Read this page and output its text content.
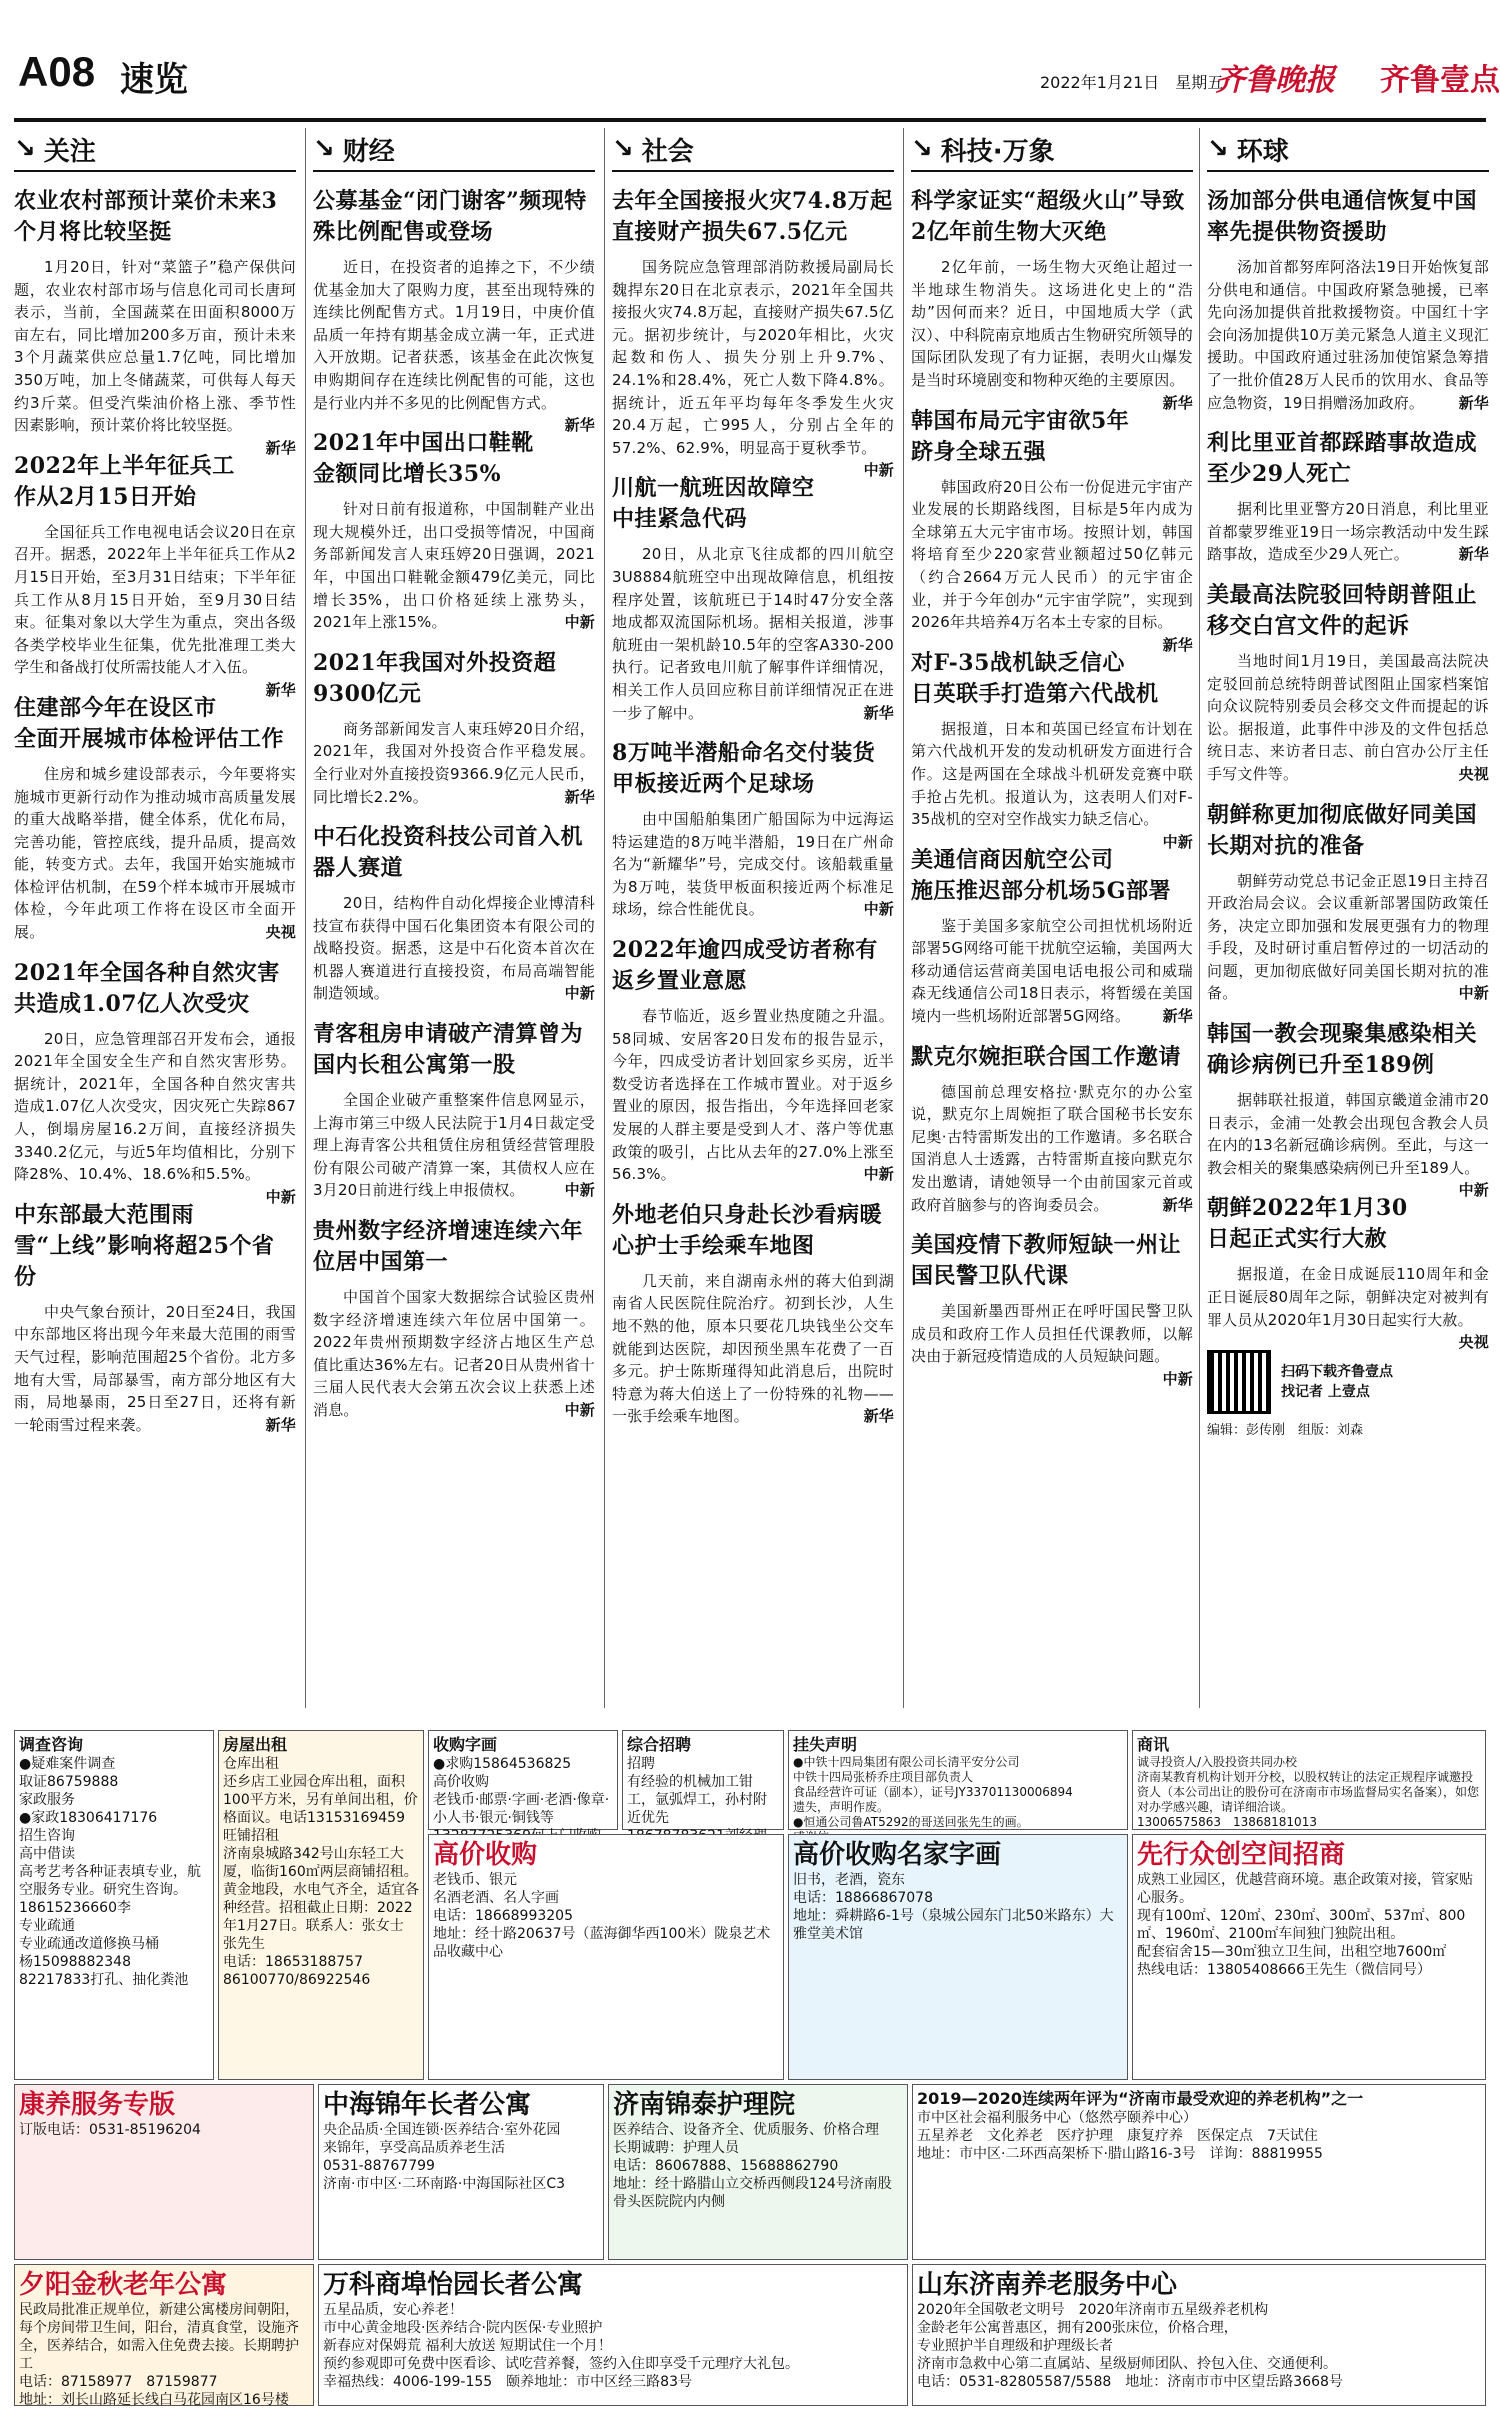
A08 速览	2022年1月21日　星期五
齐鲁晚报 齐鲁壹点
↘ 关注
农业农村部预计菜价未来3个月将比较坚挺

1月20日，针对“菜篮子”稳产保供问题，农业农村部市场与信息化司司长唐珂表示，当前，全国蔬菜在田面积8000万亩左右，同比增加200多万亩，预计未来3个月蔬菜供应总量1.7亿吨，同比增加350万吨，加上冬储蔬菜，可供每人每天约3斤菜。但受汽柴油价格上涨、季节性因素影响，预计菜价将比较坚挺。
新华

2022年上半年征兵工作从2月15日开始

全国征兵工作电视电话会议20日在京召开。据悉，2022年上半年征兵工作从2月15日开始，至3月31日结束；下半年征兵工作从8月15日开始，至9月30日结束。征集对象以大学生为重点，突出各级各类学校毕业生征集，优先批准理工类大学生和备战打仗所需技能人才入伍。
新华

住建部今年在设区市全面开展城市体检评估工作

住房和城乡建设部表示，今年要将实施城市更新行动作为推动城市高质量发展的重大战略举措，健全体系，优化布局，完善功能，管控底线，提升品质，提高效能，转变方式。去年，我国开始实施城市体检评估机制，在59个样本城市开展城市体检，今年此项工作将在设区市全面开展。	央视

2021年全国各种自然灾害共造成1.07亿人次受灾

20日，应急管理部召开发布会，通报2021年全国安全生产和自然灾害形势。据统计，2021年，全国各种自然灾害共造成1.07亿人次受灾，因灾死亡失踪867人，倒塌房屋16.2万间，直接经济损失3340.2亿元，与近5年均值相比，分别下降28%、10.4%、18.6%和5.5%。
中新

中东部最大范围雨雪“上线”影响将超25个省份

中央气象台预计，20日至24日，我国中东部地区将出现今年来最大范围的雨雪天气过程，影响范围超25个省份。北方多地有大雪，局部暴雪，南方部分地区有大雨，局地暴雨，25日至27日，还将有新一轮雨雪过程来袭。	新华

↘ 财经
公募基金“闭门谢客”频现特殊比例配售或登场

近日，在投资者的追捧之下，不少绩优基金加大了限购力度，甚至出现特殊的连续比例配售方式。1月19日，中庚价值品质一年持有期基金成立满一年，正式进入开放期。记者获悉，该基金在此次恢复申购期间存在连续比例配售的可能，这也是行业内并不多见的比例配售方式。
新华

2021年中国出口鞋靴金额同比增长35%

针对日前有报道称，中国制鞋产业出现大规模外迁，出口受损等情况，中国商务部新闻发言人束珏婷20日强调，2021年，中国出口鞋靴金额479亿美元，同比增长35%，出口价格延续上涨势头，2021年上涨15%。	中新

2021年我国对外投资超9300亿元

商务部新闻发言人束珏婷20日介绍，2021年，我国对外投资合作平稳发展。全行业对外直接投资9366.9亿元人民币，同比增长2.2%。	新华

中石化投资科技公司首入机器人赛道

20日，结构件自动化焊接企业博清科技宣布获得中国石化集团资本有限公司的战略投资。据悉，这是中石化资本首次在机器人赛道进行直接投资，布局高端智能制造领域。	中新

青客租房申请破产清算曾为国内长租公寓第一股

全国企业破产重整案件信息网显示，上海市第三中级人民法院于1月4日裁定受理上海青客公共租赁住房租赁经营管理股份有限公司破产清算一案，其债权人应在3月20日前进行线上申报债权。	中新

贵州数字经济增速连续六年位居中国第一

中国首个国家大数据综合试验区贵州数字经济增速连续六年位居中国第一。2022年贵州预期数字经济占地区生产总值比重达36%左右。记者20日从贵州省十三届人民代表大会第五次会议上获悉上述消息。	中新

↘ 社会
去年全国接报火灾74.8万起直接财产损失67.5亿元

国务院应急管理部消防救援局副局长魏捍东20日在北京表示，2021年全国共接报火灾74.8万起，直接财产损失67.5亿元。据初步统计，与2020年相比，火灾起数和伤人、损失分别上升9.7%、24.1%和28.4%，死亡人数下降4.8%。据统计，近五年平均每年冬季发生火灾20.4万起，亡995人，分别占全年的57.2%、62.9%，明显高于夏秋季节。
中新

川航一航班因故障空中挂紧急代码

20日，从北京飞往成都的四川航空3U8884航班空中出现故障信息，机组按程序处置，该航班已于14时47分安全落地成都双流国际机场。据相关报道，涉事航班由一架机龄10.5年的空客A330-200执行。记者致电川航了解事件详细情况，相关工作人员回应称目前详细情况正在进一步了解中。	新华

8万吨半潜船命名交付装货甲板接近两个足球场

由中国船舶集团广船国际为中远海运特运建造的8万吨半潜船，19日在广州命名为“新耀华”号，完成交付。该船载重量为8万吨，装货甲板面积接近两个标准足球场，综合性能优良。	中新

2022年逾四成受访者称有返乡置业意愿

春节临近，返乡置业热度随之升温。58同城、安居客20日发布的报告显示，今年，四成受访者计划回家乡买房，近半数受访者选择在工作城市置业。对于返乡置业的原因，报告指出，今年选择回老家发展的人群主要是受到人才、落户等优惠政策的吸引，占比从去年的27.0%上涨至56.3%。	中新

外地老伯只身赴长沙看病暖心护士手绘乘车地图

几天前，来自湖南永州的蒋大伯到湖南省人民医院住院治疗。初到长沙，人生地不熟的他，原本只要花几块钱坐公交车就能到达医院，却因预坐黑车花费了一百多元。护士陈斯瑾得知此消息后，出院时特意为蒋大伯送上了一份特殊的礼物——一张手绘乘车地图。	新华

↘ 科技·万象
科学家证实“超级火山”导致2亿年前生物大灭绝

2亿年前，一场生物大灭绝让超过一半地球生物消失。这场进化史上的“浩劫”因何而来？近日，中国地质大学（武汉）、中科院南京地质古生物研究所领导的国际团队发现了有力证据，表明火山爆发是当时环境剧变和物种灭绝的主要原因。
新华

韩国布局元宇宙欲5年跻身全球五强

韩国政府20日公布一份促进元宇宙产业发展的长期路线图，目标是5年内成为全球第五大元宇宙市场。按照计划，韩国将培育至少220家营业额超过50亿韩元（约合2664万元人民币）的元宇宙企业，并于今年创办“元宇宙学院”，实现到2026年共培养4万名本土专家的目标。
新华

对F-35战机缺乏信心日英联手打造第六代战机

据报道，日本和英国已经宣布计划在第六代战机开发的发动机研发方面进行合作。这是两国在全球战斗机研发竞赛中联手抢占先机。报道认为，这表明人们对F-35战机的空对空作战实力缺乏信心。
中新

美通信商因航空公司施压推迟部分机场5G部署

鉴于美国多家航空公司担忧机场附近部署5G网络可能干扰航空运输，美国两大移动通信运营商美国电话电报公司和威瑞森无线通信公司18日表示，将暂缓在美国境内一些机场附近部署5G网络。	新华

默克尔婉拒联合国工作邀请

德国前总理安格拉·默克尔的办公室说，默克尔上周婉拒了联合国秘书长安东尼奥·古特雷斯发出的工作邀请。多名联合国消息人士透露，古特雷斯直接向默克尔发出邀请，请她领导一个由前国家元首或政府首脑参与的咨询委员会。	新华

美国疫情下教师短缺一州让国民警卫队代课

美国新墨西哥州正在呼吁国民警卫队成员和政府工作人员担任代课教师，以解决由于新冠疫情造成的人员短缺问题。
中新

↘ 环球
汤加部分供电通信恢复中国率先提供物资援助

汤加首都努库阿洛法19日开始恢复部分供电和通信。中国政府紧急驰援，已率先向汤加提供首批救援物资。中国红十字会向汤加提供10万美元紧急人道主义现汇援助。中国政府通过驻汤加使馆紧急筹措了一批价值28万人民币的饮用水、食品等应急物资，19日捐赠汤加政府。	新华

利比里亚首都踩踏事故造成至少29人死亡

据利比里亚警方20日消息，利比里亚首都蒙罗维亚19日一场宗教活动中发生踩踏事故，造成至少29人死亡。	新华

美最高法院驳回特朗普阻止移交白宫文件的起诉

当地时间1月19日，美国最高法院决定驳回前总统特朗普试图阻止国家档案馆向众议院特别委员会移交文件而提起的诉讼。据报道，此事件中涉及的文件包括总统日志、来访者日志、前白宫办公厅主任手写文件等。	央视

朝鲜称更加彻底做好同美国长期对抗的准备

朝鲜劳动党总书记金正恩19日主持召开政治局会议。会议重新部署国防政策任务，决定立即加强和发展更强有力的物理手段，及时研讨重启暂停过的一切活动的问题，更加彻底做好同美国长期对抗的准备。	中新

韩国一教会现聚集感染相关确诊病例已升至189例

据韩联社报道，韩国京畿道金浦市20日表示，金浦一处教会出现包含教会人员在内的13名新冠确诊病例。至此，与这一教会相关的聚集感染病例已升至189人。
中新

朝鲜2022年1月30日起正式实行大赦

据报道，在金日成诞辰110周年和金正日诞辰80周年之际，朝鲜决定对被判有罪人员从2020年1月30日起实行大赦。
央视

扫码下载齐鲁壹点
找记者 上壹点
编辑：彭传刚　组版：刘森
调查咨询
●疑难案件调查
取证86759888
家政服务
●家政18306417176
招生咨询
高中借读
高考艺考各种证表填专业，航空服务专业。研究生咨询。
18615236660李
专业疏通
专业疏通改道修换马桶
杨15098882348
82217833打孔、抽化粪池
房屋出租
仓库出租
还乡店工业园仓库出租，面积100平方米，另有单间出租，价格面议。电话13153169459
旺铺招租
济南泉城路342号山东轻工大厦，临街160㎡两层商铺招租。黄金地段，水电气齐全，适宜各种经营。招租截止日期：2022年1月27日。联系人：张女士 张先生
电话：18653188757 86100770/86922546
收购字画
●求购15864536825
高价收购
老钱币·邮票·字画·老酒·像章·小人书·银元·铜钱等
综合招聘
招聘
有经验的机械加工钳工，氩弧焊工，孙村附近优先
挂失声明
●中铁十四局集团有限公司长清平安分公司
中铁十四局张桥乔庄项目部负责人
食品经营许可证（副本），证号JY33701130006894
遗失，声明作废。
●恒通公司鲁AT5292的哥送回张先生的画。
商讯
诚寻投资人/入股投资共同办校
济南某教育机构计划开分校，以股权转让的法定正规程序诚邀投资人（本公司出让的股份可在济南市市场监督局实名备案），如您对办学感兴趣，请详细洽谈。
13006575863　13868181013
高价收购
老钱币、银元
名酒老酒、名人字画
电话：18668993205
地址：经十路20637号（蓝海御华西100米）陇泉艺术品收藏中心
高价收购名家字画
旧书，老酒，瓷东
电话：18866867078
地址：舜耕路6-1号（泉城公园东门北50米路东）大雅堂美术馆
先行众创空间招商
成熟工业园区，优越营商环境。惠企政策对接，管家贴心服务。
现有100㎡、120㎡、230㎡、300㎡、537㎡、800㎡、1960㎡、2100㎡车间独门独院出租。
配套宿舍15—30㎡独立卫生间，出租空地7600㎡
热线电话：13805408666王先生（微信同号）
康养服务专版
订版电话：0531-85196204
中海锦年长者公寓
央企品质·全国连锁·医养结合·室外花园
来锦年，享受高品质养老生活
0531-88767799
济南·市中区·二环南路·中海国际社区C3
济南锦泰护理院
医养结合、设备齐全、优质服务、价格合理
长期诚聘：护理人员
电话：86067888、15688862790
地址：经十路腊山立交桥西侧段124号济南股骨头医院院内内侧
2019—2020连续两年评为“济南市最受欢迎的养老机构”之一
市中区社会福利服务中心（悠然亭颐养中心）
五星养老　文化养老　医疗护理　康复疗养　医保定点　7天试住
地址：市中区·二环西高架桥下·腊山路16-3号　详询：88819955
夕阳金秋老年公寓
民政局批准正规单位，新建公寓楼房间朝阳，每个房间带卫生间，阳台，清真食堂，设施齐全，医养结合，如需入住免费去接。长期聘护工
电话：87158977　87159877
地址：刘长山路延长线白马花园南区16号楼
万科商埠怡园长者公寓
五星品质，安心养老！
市中心黄金地段·医养结合·院内医保·专业照护
新春应对保姆荒 福利大放送 短期试住一个月！
预约参观即可免费中医看诊、试吃营养餐，签约入住即享受千元理疗大礼包。
幸福热线：4006-199-155　颐养地址：市中区经三路83号
山东济南养老服务中心
2020年全国敬老文明号　2020年济南市五星级养老机构
金龄老年公寓普惠区，拥有200张床位，价格合理，
专业照护半自理级和护理级长者
济南市急救中心第二直属站、星级厨师团队、拎包入住、交通便利。
电话：0531-82805587/5588　地址：济南市市中区望岳路3668号
